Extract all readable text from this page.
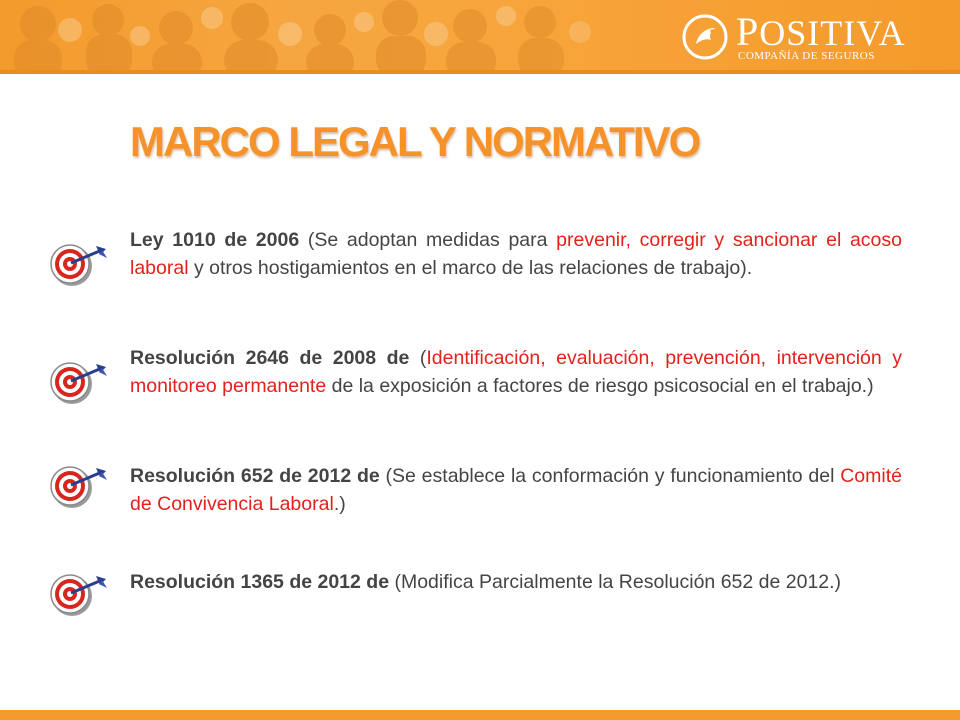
POSITIVA
COMPAÑÍA DE SEGUROS
MARCO LEGAL Y NORMATIVO

Ley 1010 de 2006 (Se adoptan medidas para prevenir, corregir y sancionar el acoso laboral y otros hostigamientos en el marco de las relaciones de trabajo).

Resolución 2646 de 2008 de (Identificación, evaluación, prevención, intervención y monitoreo permanente de la exposición a factores de riesgo psicosocial en el trabajo.)

Resolución 652 de 2012 de (Se establece la conformación y funcionamiento del Comité de Convivencia Laboral.)

Resolución 1365 de 2012 de (Modifica Parcialmente la Resolución 652 de 2012.)
